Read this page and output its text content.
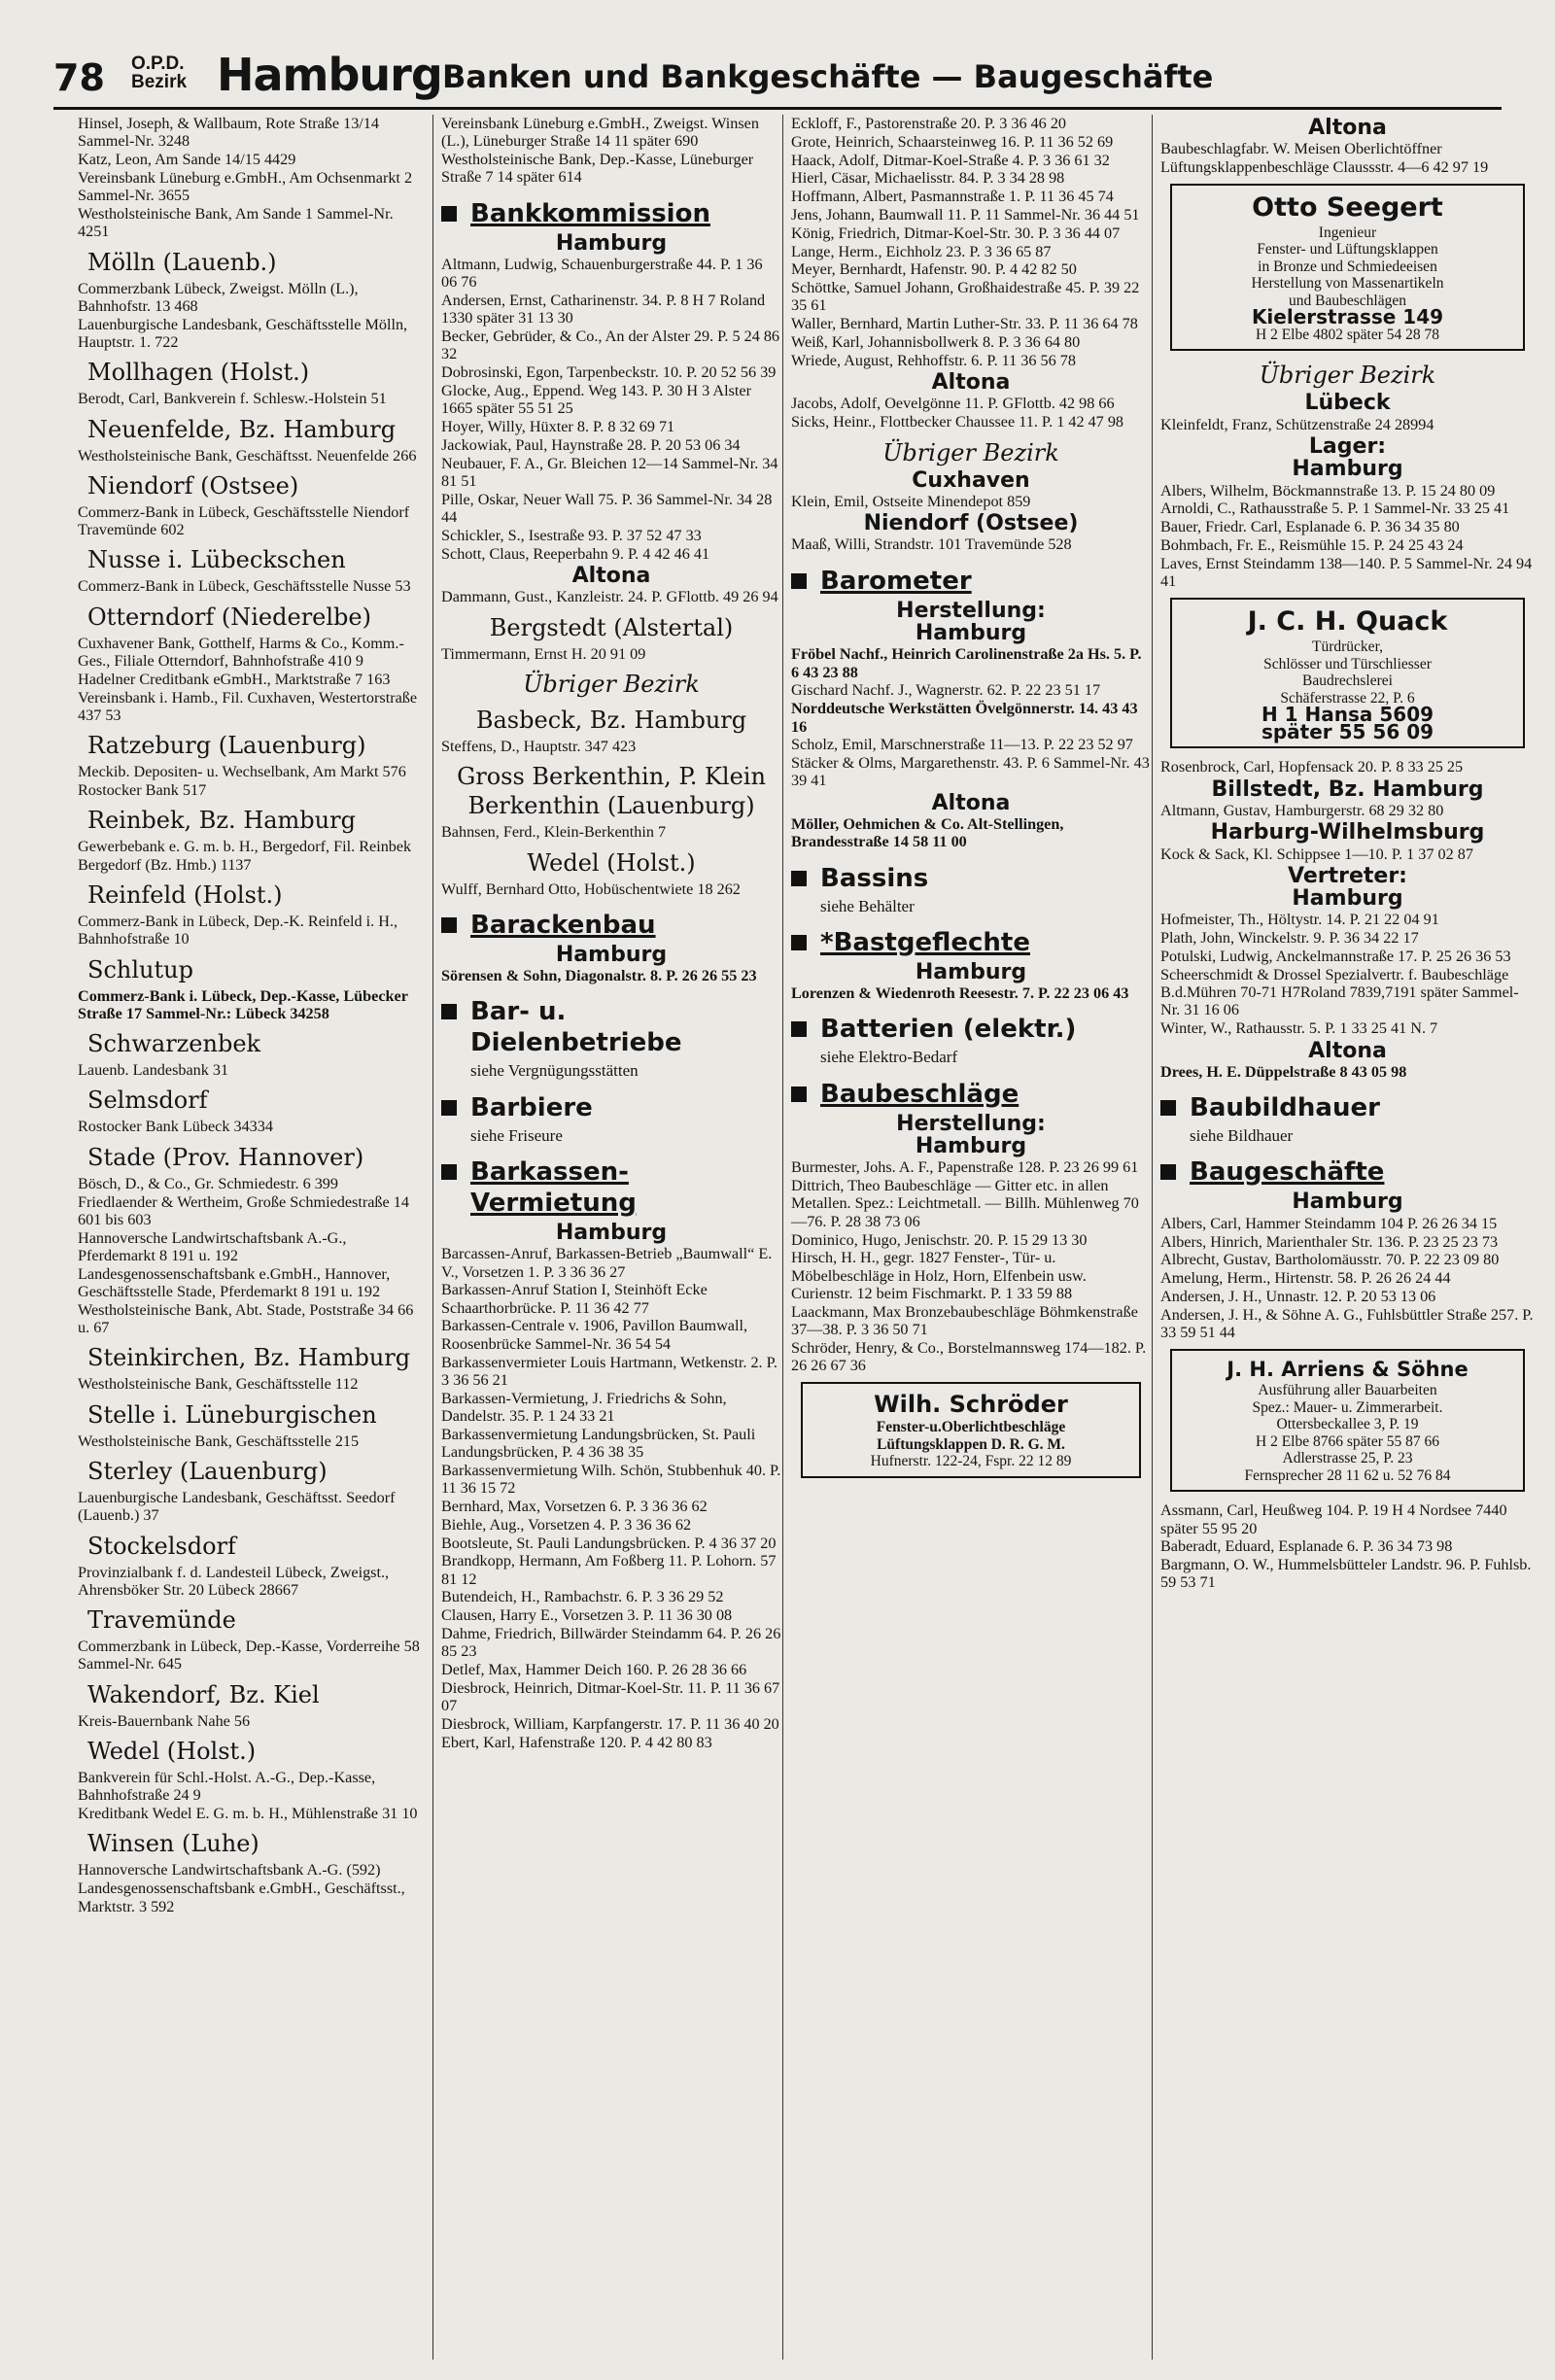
78 O.P.D.
Bezirk Hamburg Banken und Bankgeschäfte — Baugeschäfte
Hinsel, Joseph, & Wallbaum, Rote Straße 13/14 Sammel-Nr. 3248
Katz, Leon, Am Sande 14/15 4429
Vereinsbank Lüneburg e.GmbH., Am Ochsenmarkt 2 Sammel-Nr. 3655
Westholsteinische Bank, Am Sande 1 Sammel-Nr. 4251
Mölln (Lauenb.)
Commerzbank Lübeck, Zweigst. Mölln (L.), Bahnhofstr. 13 468
Lauenburgische Landesbank, Geschäftsstelle Mölln, Hauptstr. 1. 722
Mollhagen (Holst.)
Berodt, Carl, Bankverein f. Schlesw.-Holstein 51
Neuenfelde, Bz. Hamburg
Westholsteinische Bank, Geschäftsst. Neuenfelde 266
Niendorf (Ostsee)
Commerz-Bank in Lübeck, Geschäftsstelle Niendorf Travemünde 602
Nusse i. Lübeckschen
Commerz-Bank in Lübeck, Geschäftsstelle Nusse 53
Otterndorf (Niederelbe)
Cuxhavener Bank, Gotthelf, Harms & Co., Komm.-Ges., Filiale Otterndorf, Bahnhofstraße 410 9
Hadelner Creditbank eGmbH., Marktstraße 7 163
Vereinsbank i. Hamb., Fil. Cuxhaven, Westertorstraße 437 53
Ratzeburg (Lauenburg)
Meckib. Depositen- u. Wechselbank, Am Markt 576
Rostocker Bank 517
Reinbek, Bz. Hamburg
Gewerbebank e. G. m. b. H., Bergedorf, Fil. Reinbek Bergedorf (Bz. Hmb.) 1137
Reinfeld (Holst.)
Commerz-Bank in Lübeck, Dep.-K. Reinfeld i. H., Bahnhofstraße 10
Schlutup
Commerz-Bank i. Lübeck, Dep.-Kasse, Lübecker Straße 17 Sammel-Nr.: Lübeck 34258
Schwarzenbek
Lauenb. Landesbank 31
Selmsdorf
Rostocker Bank Lübeck 34334
Stade (Prov. Hannover)
Bösch, D., & Co., Gr. Schmiedestr. 6 399
Friedlaender & Wertheim, Große Schmiedestraße 14 601 bis 603
Hannoversche Landwirtschaftsbank A.-G., Pferdemarkt 8 191 u. 192
Landesgenossenschaftsbank e.GmbH., Hannover, Geschäftsstelle Stade, Pferdemarkt 8 191 u. 192
Westholsteinische Bank, Abt. Stade, Poststraße 34 66 u. 67
Steinkirchen, Bz. Hamburg
Westholsteinische Bank, Geschäftsstelle 112
Stelle i. Lüneburgischen
Westholsteinische Bank, Geschäftsstelle 215
Sterley (Lauenburg)
Lauenburgische Landesbank, Geschäftsst. Seedorf (Lauenb.) 37
Stockelsdorf
Provinzialbank f. d. Landesteil Lübeck, Zweigst., Ahrensböker Str. 20 Lübeck 28667
Travemünde
Commerzbank in Lübeck, Dep.-Kasse, Vorderreihe 58 Sammel-Nr. 645
Wakendorf, Bz. Kiel
Kreis-Bauernbank Nahe 56
Wedel (Holst.)
Bankverein für Schl.-Holst. A.-G., Dep.-Kasse, Bahnhofstraße 24 9
Kreditbank Wedel E. G. m. b. H., Mühlenstraße 31 10
Winsen (Luhe)
Hannoversche Landwirtschaftsbank A.-G. (592)
Landesgenossenschaftsbank e.GmbH., Geschäftsst., Marktstr. 3 592
Vereinsbank Lüneburg e.GmbH., Zweigst. Winsen (L.), Lüneburger Straße 14 11 später 690
Westholsteinische Bank, Dep.-Kasse, Lüneburger Straße 7 14 später 614
Bankkommission
Hamburg
Altmann, Ludwig, Schauenburgerstraße 44. P. 1 36 06 76
Andersen, Ernst, Catharinenstr. 34. P. 8 H 7 Roland 1330 später 31 13 30
Becker, Gebrüder, & Co., An der Alster 29. P. 5 24 86 32
Dobrosinski, Egon, Tarpenbeckstr. 10. P. 20 52 56 39
Glocke, Aug., Eppend. Weg 143. P. 30 H 3 Alster 1665 später 55 51 25
Hoyer, Willy, Hüxter 8. P. 8 32 69 71
Jackowiak, Paul, Haynstraße 28. P. 20 53 06 34
Neubauer, F. A., Gr. Bleichen 12—14 Sammel-Nr. 34 81 51
Pille, Oskar, Neuer Wall 75. P. 36 Sammel-Nr. 34 28 44
Schickler, S., Isestraße 93. P. 37 52 47 33
Schott, Claus, Reeperbahn 9. P. 4 42 46 41
Altona
Dammann, Gust., Kanzleistr. 24. P. GFlottb. 49 26 94
Bergstedt (Alstertal)
Timmermann, Ernst H. 20 91 09
Übriger Bezirk
Basbeck, Bz. Hamburg
Steffens, D., Hauptstr. 347 423
Gross Berkenthin, P. Klein Berkenthin (Lauenburg)
Bahnsen, Ferd., Klein-Berkenthin 7
Wedel (Holst.)
Wulff, Bernhard Otto, Hobüschentwiete 18 262
Barackenbau
Hamburg
Sörensen & Sohn, Diagonalstr. 8. P. 26 26 55 23
Bar- u. Dielenbetriebe
siehe Vergnügungsstätten
Barbiere
siehe Friseure
Barkassen-Vermietung
Hamburg
Barcassen-Anruf, Barkassen-Betrieb „Baumwall“ E. V., Vorsetzen 1. P. 3 36 36 27
Barkassen-Anruf Station I, Steinhöft Ecke Schaarthorbrücke. P. 11 36 42 77
Barkassen-Centrale v. 1906, Pavillon Baumwall, Roosenbrücke Sammel-Nr. 36 54 54
Barkassenvermieter Louis Hartmann, Wetkenstr. 2. P. 3 36 56 21
Barkassen-Vermietung, J. Friedrichs & Sohn, Dandelstr. 35. P. 1 24 33 21
Barkassenvermietung Landungsbrücken, St. Pauli Landungsbrücken, P. 4 36 38 35
Barkassenvermietung Wilh. Schön, Stubbenhuk 40. P. 11 36 15 72
Bernhard, Max, Vorsetzen 6. P. 3 36 36 62
Biehle, Aug., Vorsetzen 4. P. 3 36 36 62
Bootsleute, St. Pauli Landungsbrücken. P. 4 36 37 20
Brandkopp, Hermann, Am Foßberg 11. P. Lohorn. 57 81 12
Butendeich, H., Rambachstr. 6. P. 3 36 29 52
Clausen, Harry E., Vorsetzen 3. P. 11 36 30 08
Dahme, Friedrich, Billwärder Steindamm 64. P. 26 26 85 23
Detlef, Max, Hammer Deich 160. P. 26 28 36 66
Diesbrock, Heinrich, Ditmar-Koel-Str. 11. P. 11 36 67 07
Diesbrock, William, Karpfangerstr. 17. P. 11 36 40 20
Ebert, Karl, Hafenstraße 120. P. 4 42 80 83
Eckloff, F., Pastorenstraße 20. P. 3 36 46 20
Grote, Heinrich, Schaarsteinweg 16. P. 11 36 52 69
Haack, Adolf, Ditmar-Koel-Straße 4. P. 3 36 61 32
Hierl, Cäsar, Michaelisstr. 84. P. 3 34 28 98
Hoffmann, Albert, Pasmannstraße 1. P. 11 36 45 74
Jens, Johann, Baumwall 11. P. 11 Sammel-Nr. 36 44 51
König, Friedrich, Ditmar-Koel-Str. 30. P. 3 36 44 07
Lange, Herm., Eichholz 23. P. 3 36 65 87
Meyer, Bernhardt, Hafenstr. 90. P. 4 42 82 50
Schöttke, Samuel Johann, Großhaidestraße 45. P. 39 22 35 61
Waller, Bernhard, Martin Luther-Str. 33. P. 11 36 64 78
Weiß, Karl, Johannisbollwerk 8. P. 3 36 64 80
Wriede, August, Rehhoffstr. 6. P. 11 36 56 78
Altona
Jacobs, Adolf, Oevelgönne 11. P. GFlottb. 42 98 66
Sicks, Heinr., Flottbecker Chaussee 11. P. 1 42 47 98
Übriger Bezirk
Cuxhaven
Klein, Emil, Ostseite Minendepot 859
Niendorf (Ostsee)
Maaß, Willi, Strandstr. 101 Travemünde 528
Barometer
Herstellung:
Hamburg
Fröbel Nachf., Heinrich Carolinenstraße 2a Hs. 5. P. 6 43 23 88
Gischard Nachf. J., Wagnerstr. 62. P. 22 23 51 17
Norddeutsche Werkstätten Övelgönnerstr. 14. 43 43 16
Scholz, Emil, Marschnerstraße 11—13. P. 22 23 52 97
Stäcker & Olms, Margarethenstr. 43. P. 6 Sammel-Nr. 43 39 41
Altona
Möller, Oehmichen & Co. Alt-Stellingen, Brandesstraße 14 58 11 00
Bassins
siehe Behälter
*Bastgeflechte
Hamburg
Lorenzen & Wiedenroth Reesestr. 7. P. 22 23 06 43
Batterien (elektr.)
siehe Elektro-Bedarf
Baubeschläge
Herstellung:
Hamburg
Burmester, Johs. A. F., Papenstraße 128. P. 23 26 99 61
Dittrich, Theo Baubeschläge — Gitter etc. in allen Metallen. Spez.: Leichtmetall. — Billh. Mühlenweg 70—76. P. 28 38 73 06
Dominico, Hugo, Jenischstr. 20. P. 15 29 13 30
Hirsch, H. H., gegr. 1827 Fenster-, Tür- u. Möbelbeschläge in Holz, Horn, Elfenbein usw. Curienstr. 12 beim Fischmarkt. P. 1 33 59 88
Laackmann, Max Bronzebaubeschläge Böhmkenstraße 37—38. P. 3 36 50 71
Schröder, Henry, & Co., Borstelmannsweg 174—182. P. 26 26 67 36
Wilh. Schröder
Fenster-u.Oberlichtbeschläge
Lüftungsklappen D. R. G. M.
Hufnerstr. 122-24, Fspr. 22 12 89
Altona
Baubeschlagfabr. W. Meisen Oberlichtöffner Lüftungsklappenbeschläge Claussstr. 4—6 42 97 19
Otto Seegert
Ingenieur
Fenster- und Lüftungsklappen
in Bronze und Schmiedeeisen
Herstellung von Massenartikeln
und Baubeschlägen
Kielerstrasse 149
H 2 Elbe 4802 später 54 28 78
Übriger Bezirk
Lübeck
Kleinfeldt, Franz, Schützenstraße 24 28994
Lager:
Hamburg
Albers, Wilhelm, Böckmannstraße 13. P. 15 24 80 09
Arnoldi, C., Rathausstraße 5. P. 1 Sammel-Nr. 33 25 41
Bauer, Friedr. Carl, Esplanade 6. P. 36 34 35 80
Bohmbach, Fr. E., Reismühle 15. P. 24 25 43 24
Laves, Ernst Steindamm 138—140. P. 5 Sammel-Nr. 24 94 41
J. C. H. Quack
Türdrücker,
Schlösser und Türschliesser
Baudrechslerei
Schäferstrasse 22, P. 6
H 1 Hansa 5609
später 55 56 09
Rosenbrock, Carl, Hopfensack 20. P. 8 33 25 25
Billstedt, Bz. Hamburg
Altmann, Gustav, Hamburgerstr. 68 29 32 80
Harburg-Wilhelmsburg
Kock & Sack, Kl. Schippsee 1—10. P. 1 37 02 87
Vertreter:
Hamburg
Hofmeister, Th., Höltystr. 14. P. 21 22 04 91
Plath, John, Winckelstr. 9. P. 36 34 22 17
Potulski, Ludwig, Anckelmannstraße 17. P. 25 26 36 53
Scheerschmidt & Drossel Spezialvertr. f. Baubeschläge B.d.Mühren 70-71 H7Roland 7839,7191 später Sammel-Nr. 31 16 06
Winter, W., Rathausstr. 5. P. 1 33 25 41 N. 7
Altona
Drees, H. E. Düppelstraße 8 43 05 98
Baubildhauer
siehe Bildhauer
Baugeschäfte
Hamburg
Albers, Carl, Hammer Steindamm 104 P. 26 26 34 15
Albers, Hinrich, Marienthaler Str. 136. P. 23 25 23 73
Albrecht, Gustav, Bartholomäusstr. 70. P. 22 23 09 80
Amelung, Herm., Hirtenstr. 58. P. 26 26 24 44
Andersen, J. H., Unnastr. 12. P. 20 53 13 06
Andersen, J. H., & Söhne A. G., Fuhlsbüttler Straße 257. P. 33 59 51 44
J. H. Arriens & Söhne
Ausführung aller Bauarbeiten
Spez.: Mauer- u. Zimmerarbeit.
Ottersbeckallee 3, P. 19
H 2 Elbe 8766 später 55 87 66
Adlerstrasse 25, P. 23
Fernsprecher 28 11 62 u. 52 76 84
Assmann, Carl, Heußweg 104. P. 19 H 4 Nordsee 7440 später 55 95 20
Baberadt, Eduard, Esplanade 6. P. 36 34 73 98
Bargmann, O. W., Hummelsbütteler Landstr. 96. P. Fuhlsb. 59 53 71
